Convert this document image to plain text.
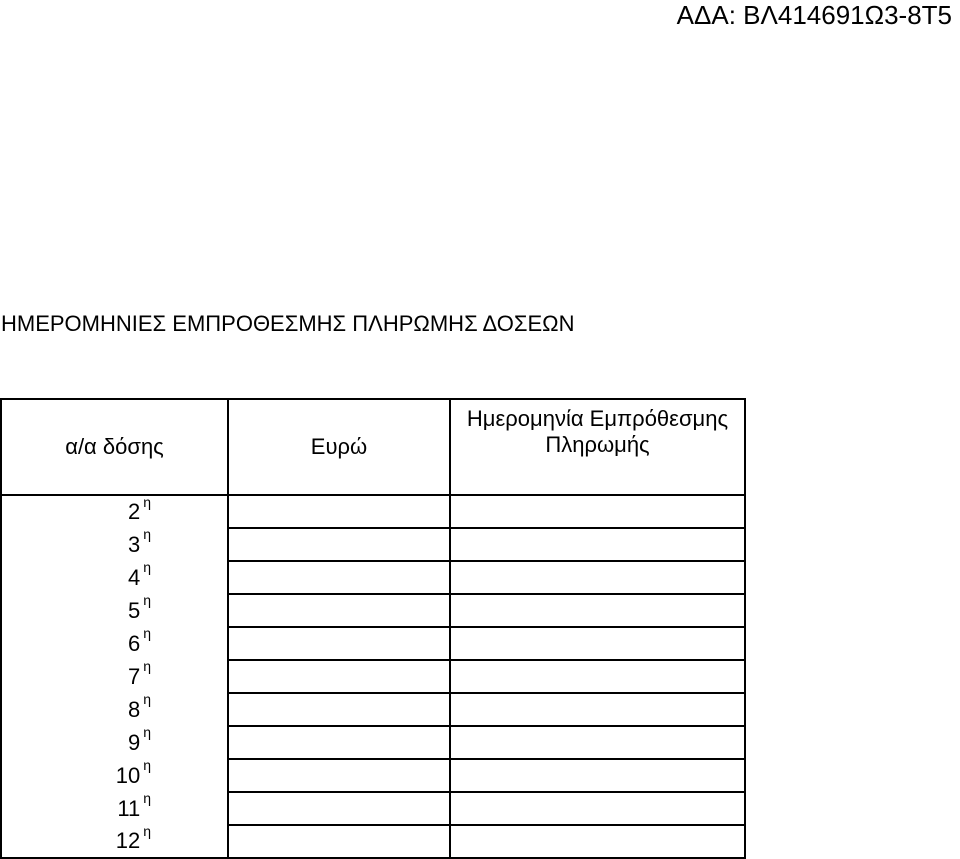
ΑΔΑ: ΒΛ414691Ω3-8Τ5
ΗΜΕΡΟΜΗΝΙΕΣ ΕΜΠΡΟΘΕΣΜΗΣ ΠΛΗΡΩΜΗΣ ΔΟΣΕΩΝ
α/α δόσης	Ευρώ	Ημερομηνία Εμπρόθεσμης Πληρωμής
2 $^\eta$		
3 $^\eta$		
4 $^\eta$		
5 $^\eta$		
6 $^\eta$		
7 $^\eta$		
8 $^\eta$		
9 $^\eta$		
10 $^\eta$		
11 $^\eta$		
12 $^\eta$		
